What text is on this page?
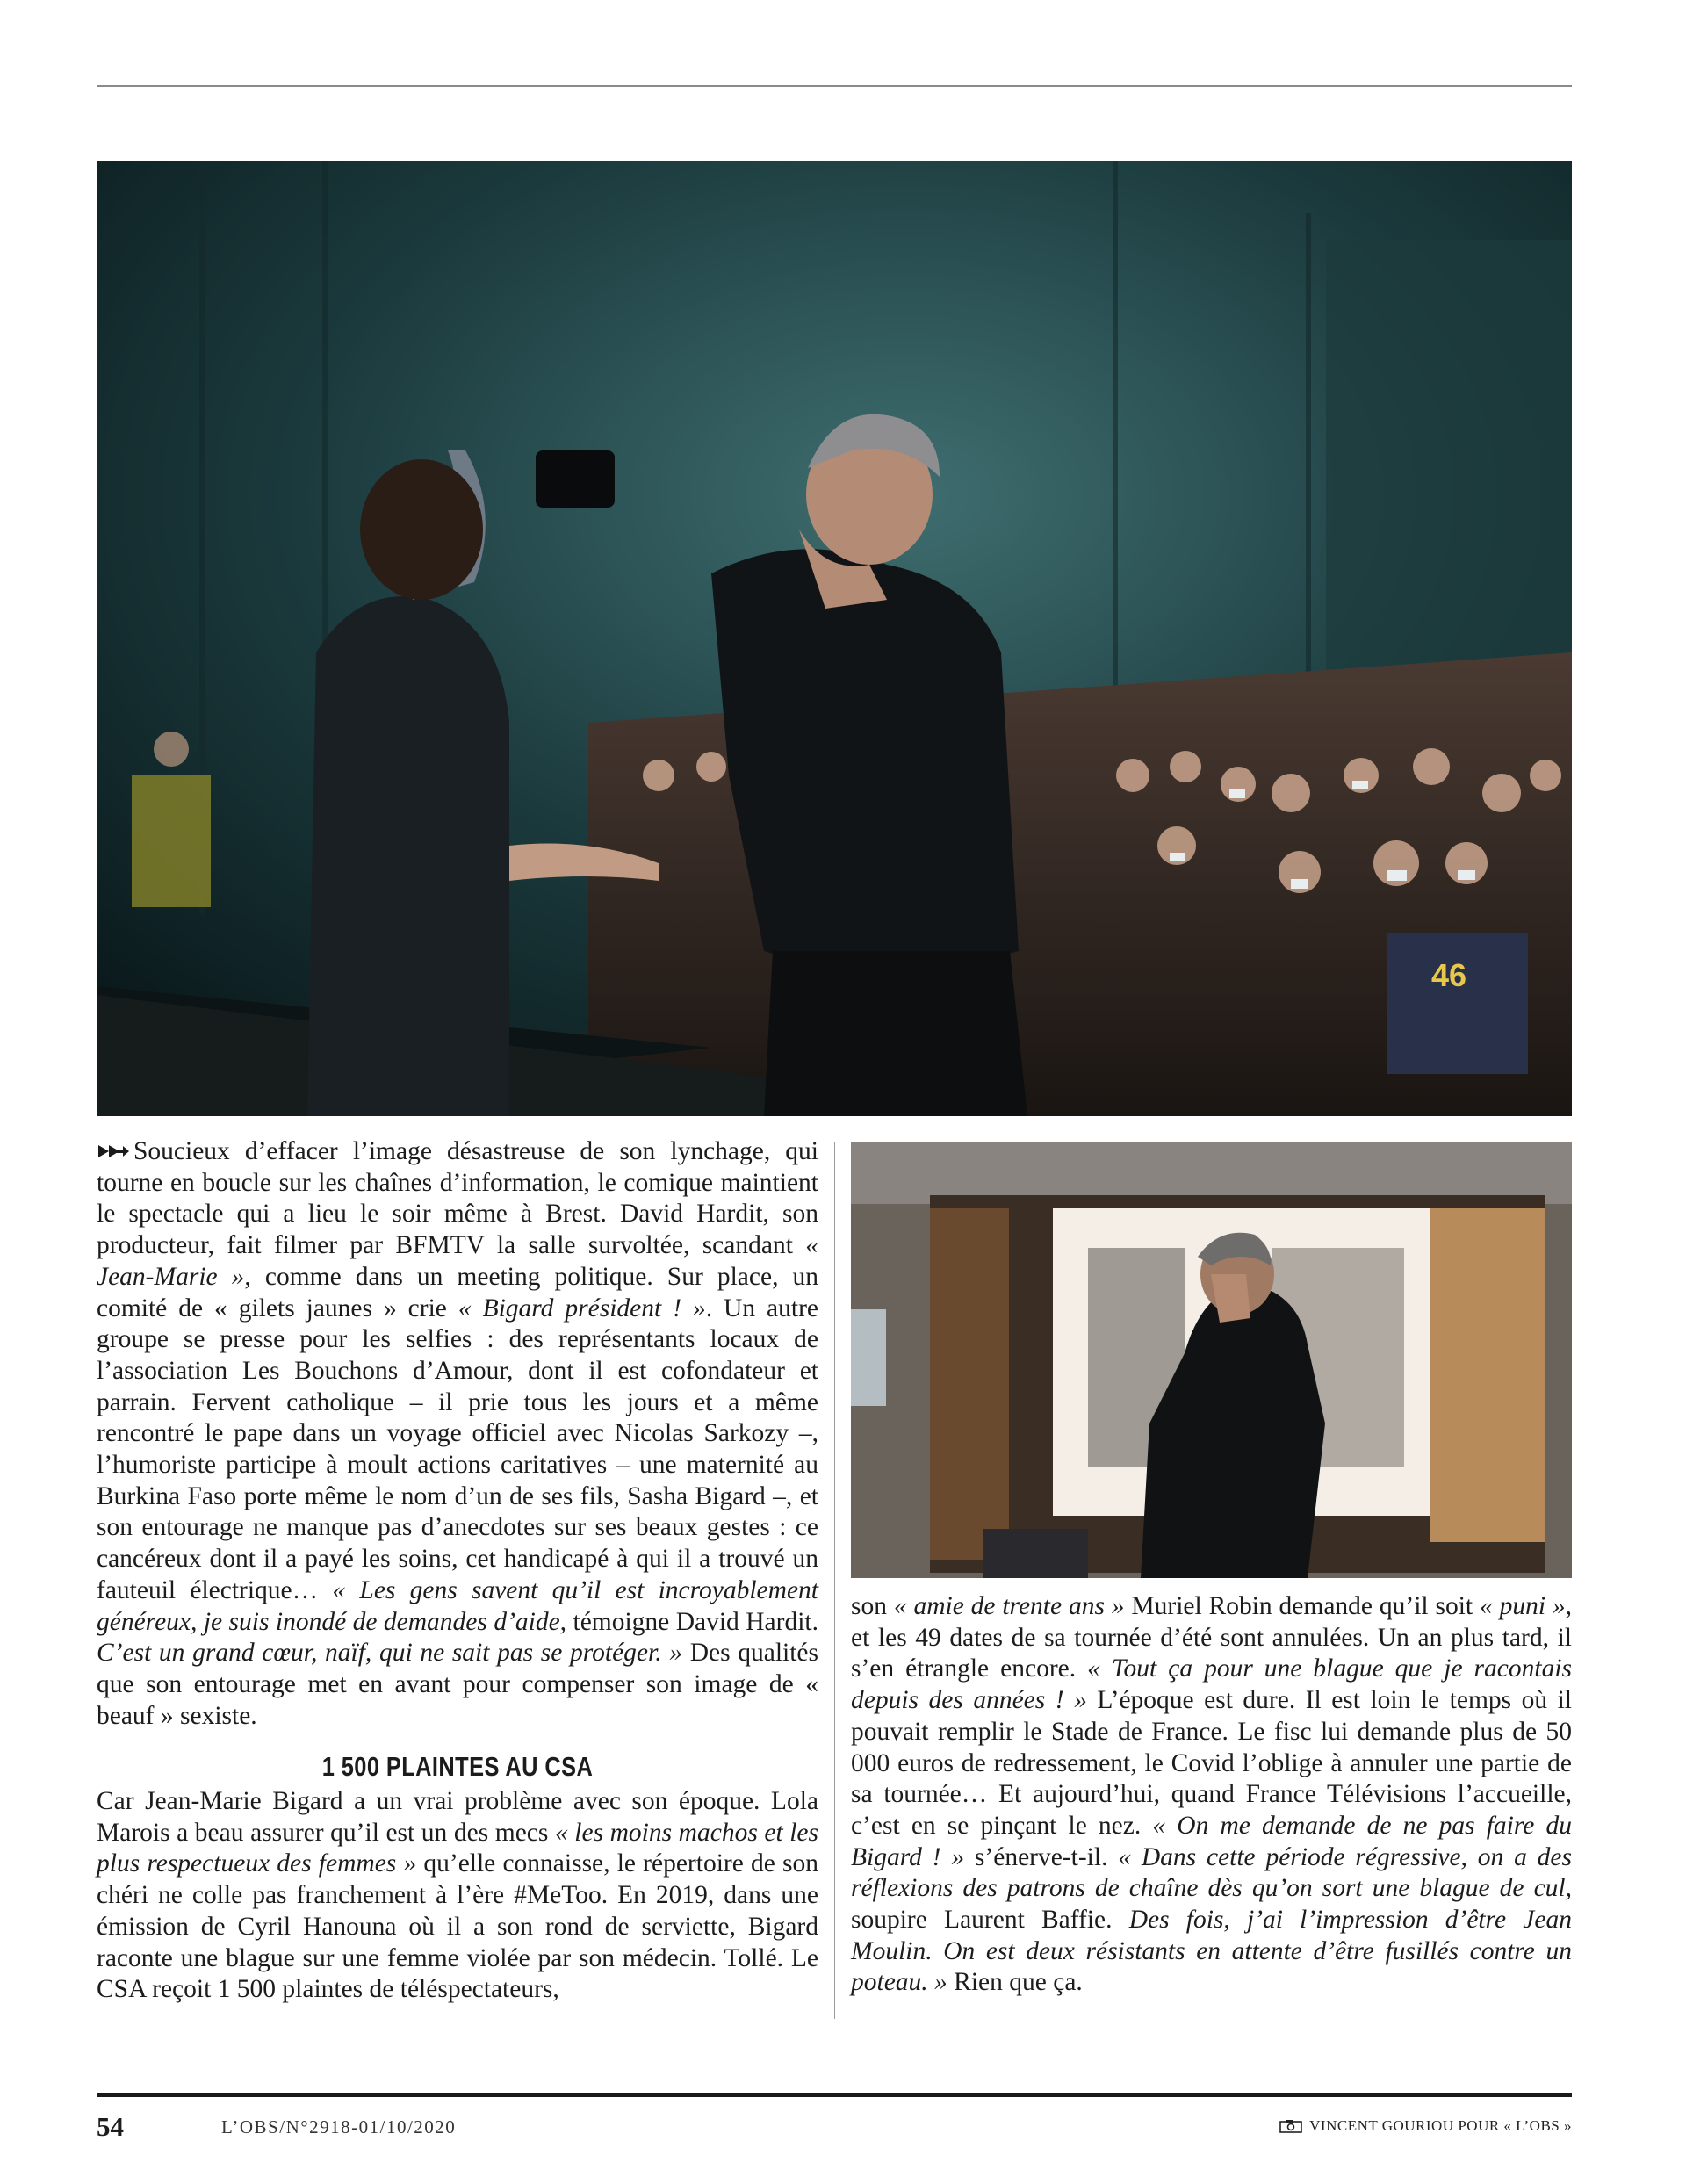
46

Soucieux d’effacer l’image désastreuse de son lynchage, qui tourne en boucle sur les chaînes d’information, le comique maintient le spectacle qui a lieu le soir même à Brest. David Hardit, son producteur, fait filmer par BFMTV la salle survoltée, scandant « Jean-Marie », comme dans un meeting politique. Sur place, un comité de « gilets jaunes » crie « Bigard président ! ». Un autre groupe se presse pour les selfies : des représentants locaux de l’association Les Bouchons d’Amour, dont il est cofondateur et parrain. Fervent catholique – il prie tous les jours et a même rencontré le pape dans un voyage officiel avec Nicolas Sarkozy –, l’humoriste participe à moult actions caritatives – une maternité au Burkina Faso porte même le nom d’un de ses fils, Sasha Bigard –, et son entourage ne manque pas d’anecdotes sur ses beaux gestes : ce cancéreux dont il a payé les soins, cet handicapé à qui il a trouvé un fauteuil électrique… « Les gens savent qu’il est incroyablement généreux, je suis inondé de demandes d’aide, témoigne David Hardit. C’est un grand cœur, naïf, qui ne sait pas se protéger. » Des qualités que son entourage met en avant pour compenser son image de « beauf » sexiste.

1 500 PLAINTES AU CSA

Car Jean-Marie Bigard a un vrai problème avec son époque. Lola Marois a beau assurer qu’il est un des mecs « les moins machos et les plus respectueux des femmes » qu’elle connaisse, le répertoire de son chéri ne colle pas franchement à l’ère #MeToo. En 2019, dans une émission de Cyril Hanouna où il a son rond de serviette, Bigard raconte une blague sur une femme violée par son médecin. Tollé. Le CSA reçoit 1 500 plaintes de téléspectateurs,

son « amie de trente ans » Muriel Robin demande qu’il soit « puni », et les 49 dates de sa tournée d’été sont annulées. Un an plus tard, il s’en étrangle encore. « Tout ça pour une blague que je racontais depuis des années ! » L’époque est dure. Il est loin le temps où il pouvait remplir le Stade de France. Le fisc lui demande plus de 50 000 euros de redressement, le Covid l’oblige à annuler une partie de sa tournée… Et aujourd’hui, quand France Télévisions l’accueille, c’est en se pinçant le nez. « On me demande de ne pas faire du Bigard ! » s’énerve-t-il. « Dans cette période régressive, on a des réflexions des patrons de chaîne dès qu’on sort une blague de cul, soupire Laurent Baffie. Des fois, j’ai l’impression d’être Jean Moulin. On est deux résistants en attente d’être fusillés contre un poteau. » Rien que ça.

54	L’OBS/N°2918-01/10/2020	VINCENT GOURIOU POUR « L’OBS »
